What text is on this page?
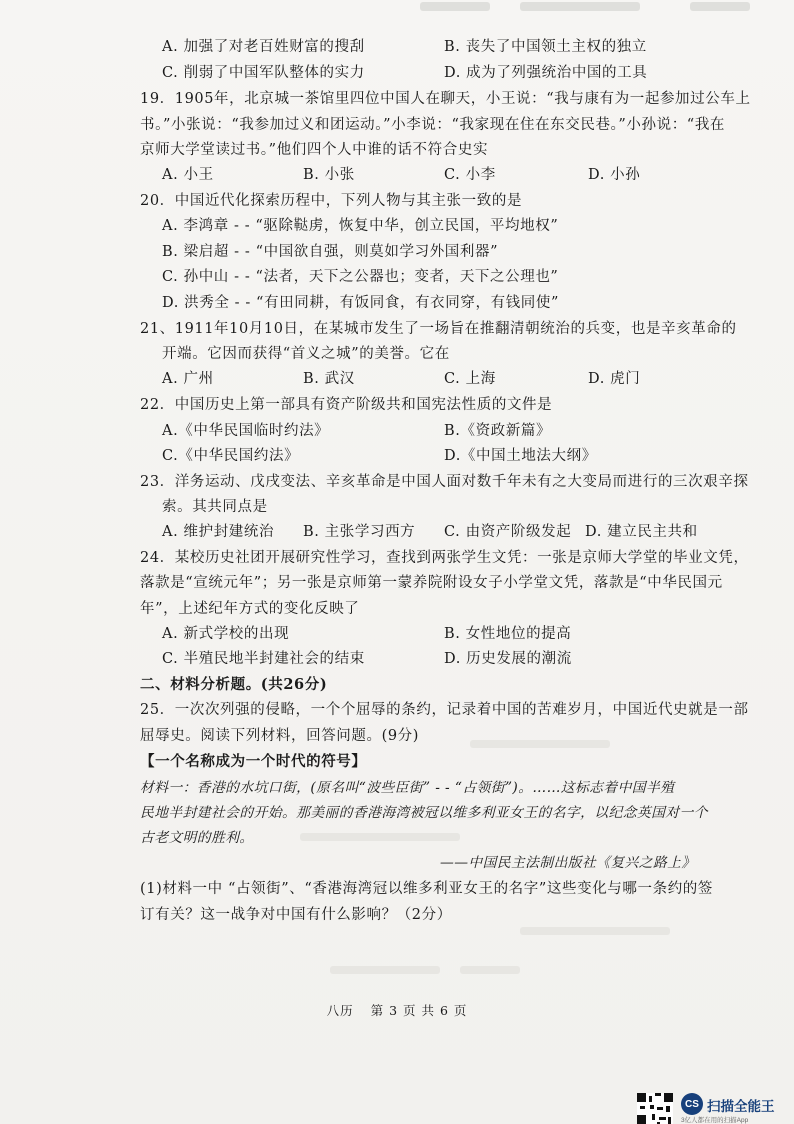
A. 加强了对老百姓财富的搜刮	B. 丧失了中国领土主权的独立
C. 削弱了中国军队整体的实力	D. 成为了列强统治中国的工具
19．1905年，北京城一茶馆里四位中国人在聊天，小王说：“我与康有为一起参加过公车上
书。”小张说：“我参加过义和团运动。”小李说：“我家现在住在东交民巷。”小孙说：“我在
京师大学堂读过书。”他们四个人中谁的话不符合史实
A. 小王	B. 小张	C. 小李	D. 小孙
20．中国近代化探索历程中，下列人物与其主张一致的是
A. 李鸿章 - - “驱除鞑虏，恢复中华，创立民国，平均地权”
B. 梁启超 - - “中国欲自强，则莫如学习外国利器”
C. 孙中山 - - “法者，天下之公器也；变者，天下之公理也”
D. 洪秀全 - - “有田同耕，有饭同食，有衣同穿，有钱同使”
21、1911年10月10日，在某城市发生了一场旨在推翻清朝统治的兵变，也是辛亥革命的
开端。它因而获得“首义之城”的美誉。它在
A. 广州	B. 武汉	C. 上海	D. 虎门
22．中国历史上第一部具有资产阶级共和国宪法性质的文件是
A.《中华民国临时约法》	B.《资政新篇》
C.《中华民国约法》	D.《中国土地法大纲》
23．洋务运动、戊戌变法、辛亥革命是中国人面对数千年未有之大变局而进行的三次艰辛探
索。其共同点是
A. 维护封建统治 B. 主张学习西方 C. 由资产阶级发起 D. 建立民主共和
24．某校历史社团开展研究性学习，查找到两张学生文凭：一张是京师大学堂的毕业文凭，
落款是“宣统元年”；另一张是京师第一蒙养院附设女子小学堂文凭，落款是“中华民国元
年”，上述纪年方式的变化反映了
A. 新式学校的出现	B. 女性地位的提高
C. 半殖民地半封建社会的结束	D. 历史发展的潮流
二、材料分析题。(共26分)
25．一次次列强的侵略，一个个屈辱的条约，记录着中国的苦难岁月，中国近代史就是一部
屈辱史。阅读下列材料，回答问题。(9分)
【一个名称成为一个时代的符号】
材料一：香港的水坑口街，(原名叫“波些臣街” - - “占领街”)。……这标志着中国半殖
民地半封建社会的开始。那美丽的香港海湾被冠以维多利亚女王的名字，以纪念英国对一个
古老文明的胜利。
——中国民主法制出版社《复兴之路上》
(1)材料一中 “占领街”、“香港海湾冠以维多利亚女王的名字”这些变化与哪一条约的签
订有关？这一战争对中国有什么影响？（2分）
八历 第 3 页 共 6 页
CS 扫描全能王
3亿人都在用的扫描App
